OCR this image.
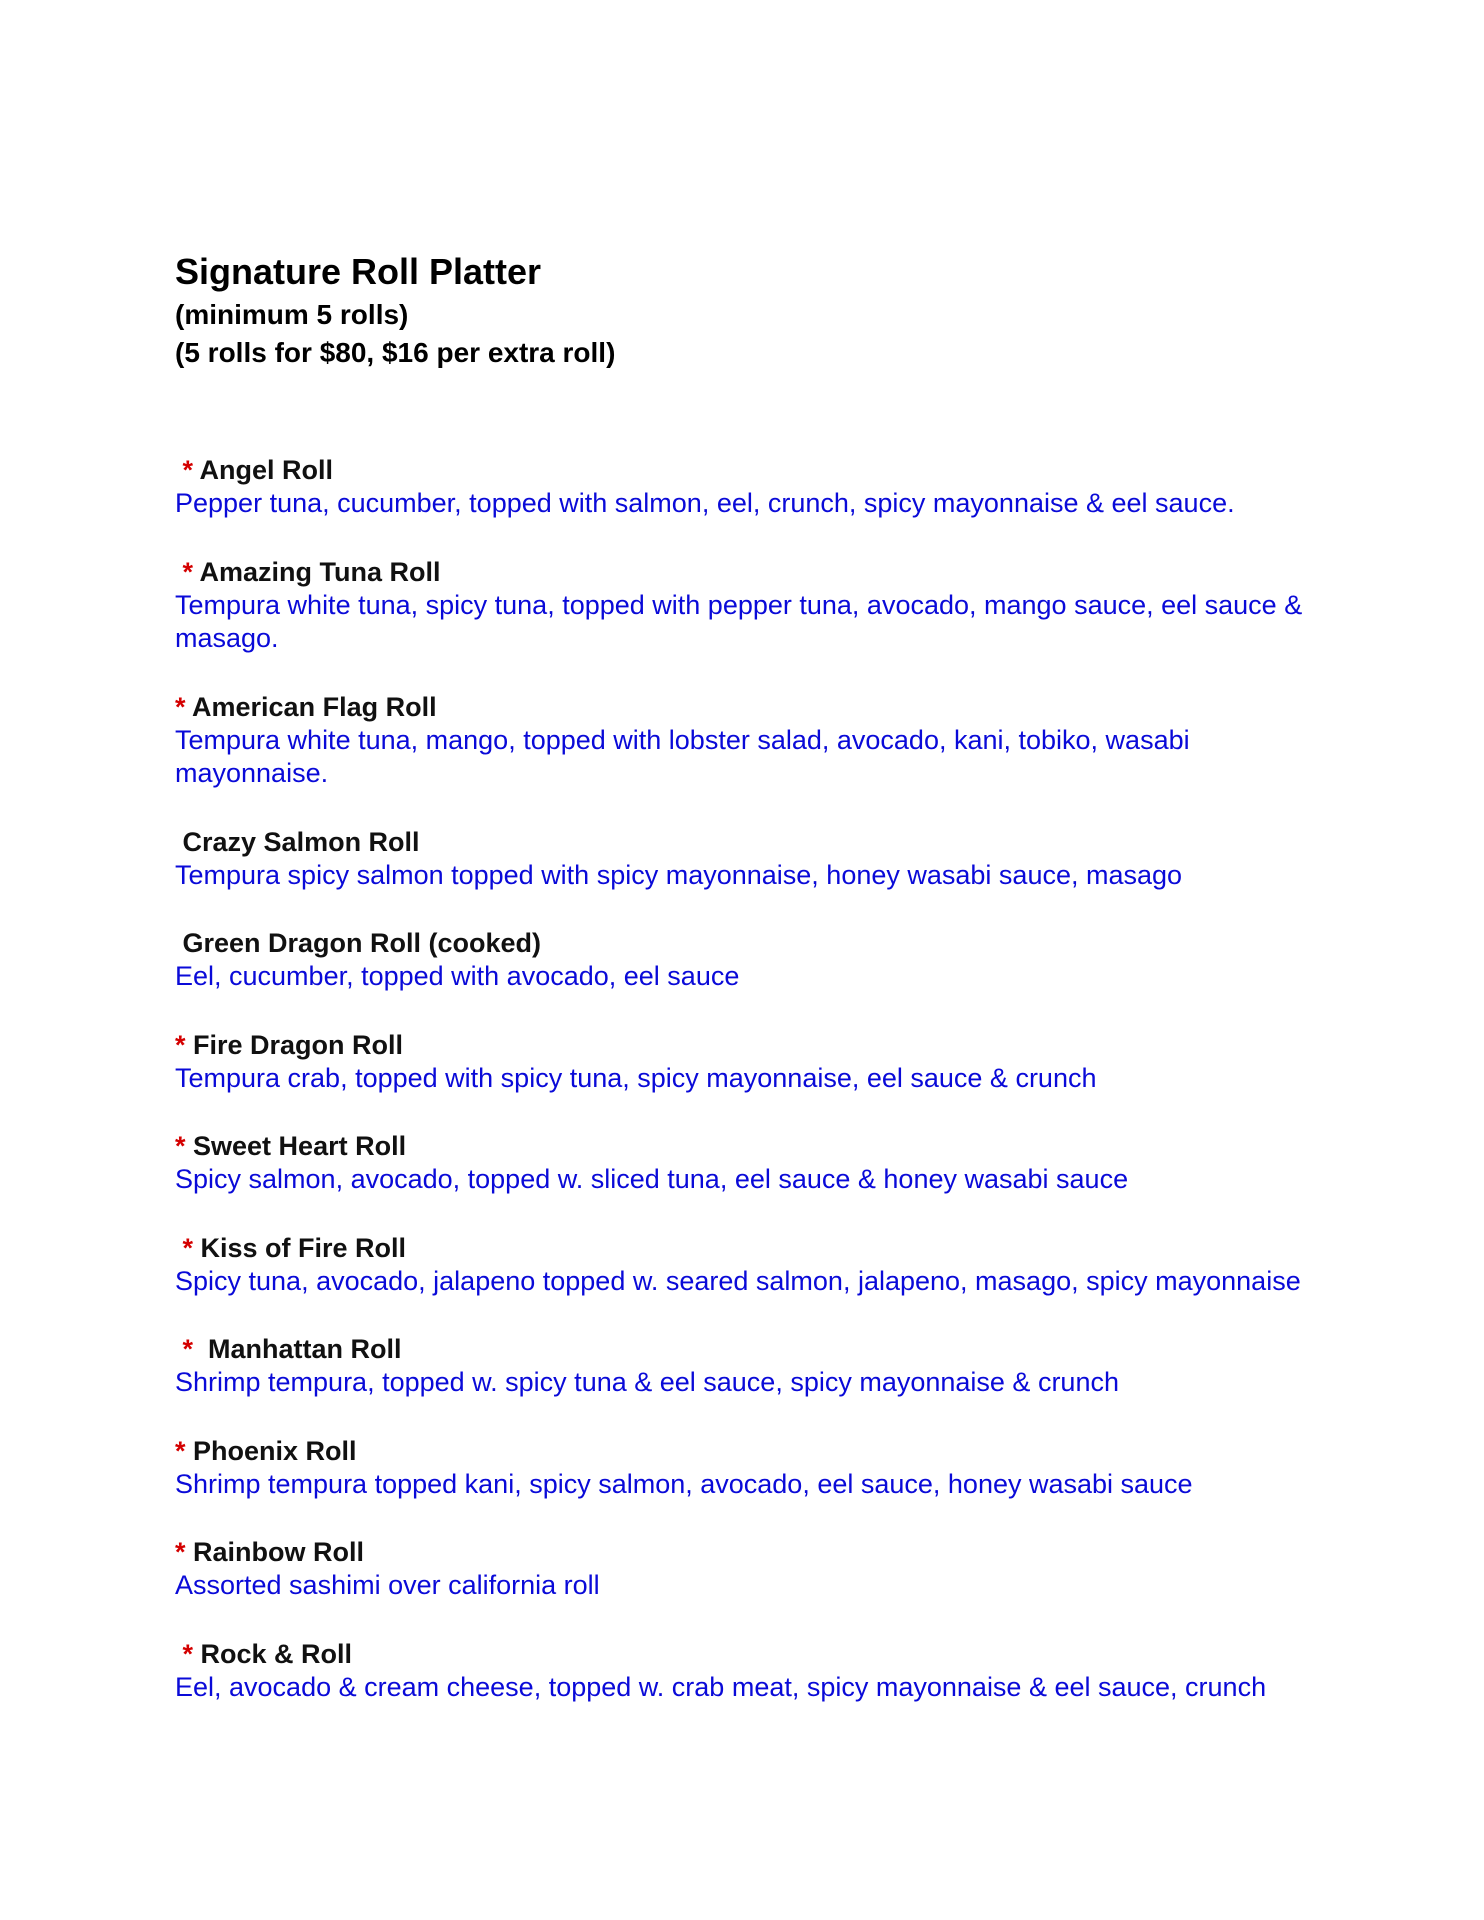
Signature Roll Platter

(minimum 5 rolls)

(5 rolls for $80, $16 per extra roll)

* Angel Roll
Pepper tuna, cucumber, topped with salmon, eel, crunch, spicy mayonnaise & eel sauce.
* Amazing Tuna Roll
Tempura white tuna, spicy tuna, topped with pepper tuna, avocado, mango sauce, eel sauce & masago.
* American Flag Roll
Tempura white tuna, mango, topped with lobster salad, avocado, kani, tobiko, wasabi mayonnaise.
Crazy Salmon Roll
Tempura spicy salmon topped with spicy mayonnaise, honey wasabi sauce, masago
Green Dragon Roll (cooked)
Eel, cucumber, topped with avocado, eel sauce
* Fire Dragon Roll
Tempura crab, topped with spicy tuna, spicy mayonnaise, eel sauce & crunch
* Sweet Heart Roll
Spicy salmon, avocado, topped w. sliced tuna, eel sauce & honey wasabi sauce
* Kiss of Fire Roll
Spicy tuna, avocado, jalapeno topped w. seared salmon, jalapeno, masago, spicy mayonnaise
*  Manhattan Roll
Shrimp tempura, topped w. spicy tuna & eel sauce, spicy mayonnaise & crunch
* Phoenix Roll
Shrimp tempura topped kani, spicy salmon, avocado, eel sauce, honey wasabi sauce
* Rainbow Roll
Assorted sashimi over california roll
* Rock & Roll
Eel, avocado & cream cheese, topped w. crab meat, spicy mayonnaise & eel sauce, crunch
